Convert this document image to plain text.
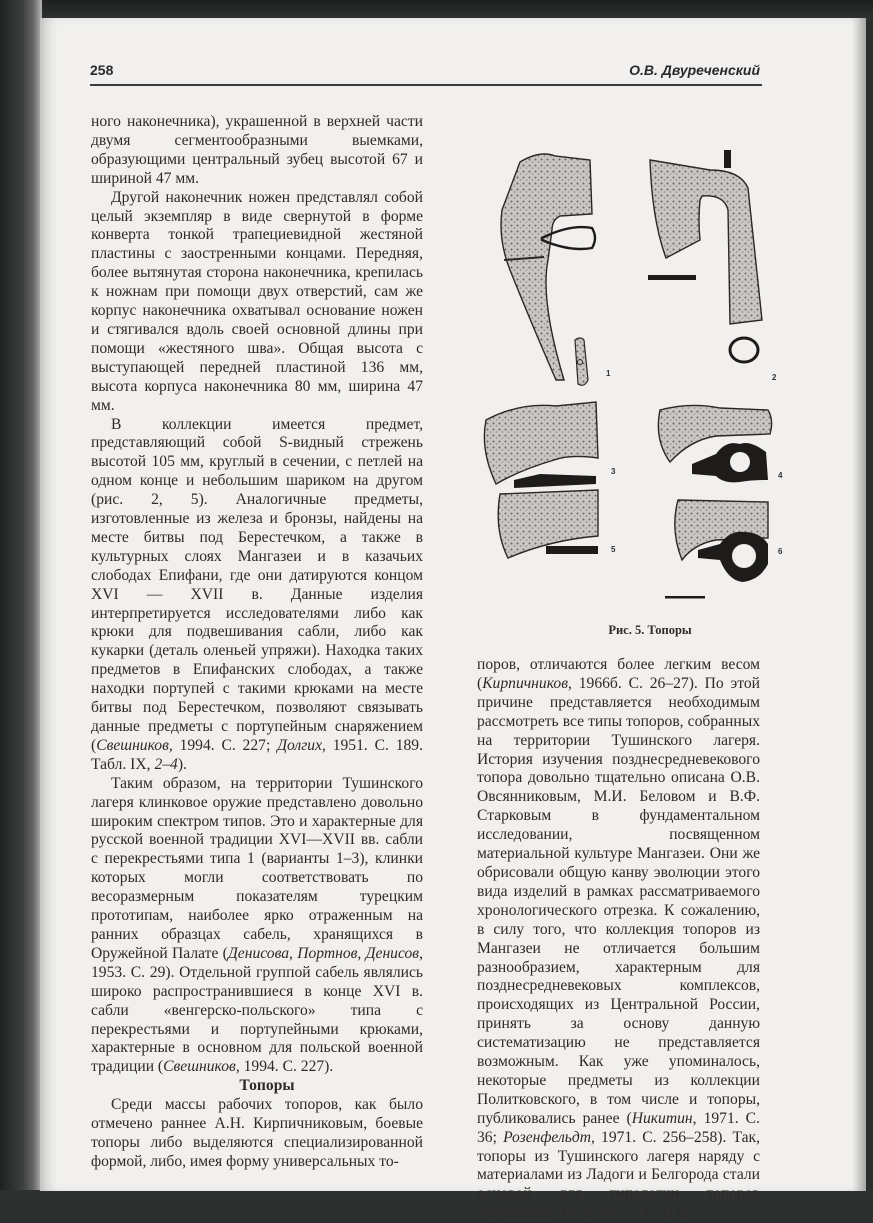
258	О.В. Двуреченский

ного наконечника), украшенной в верхней части двумя сегментообразными выемками, образующими центральный зубец высотой 67 и шириной 47 мм.

Другой наконечник ножен представлял собой целый экземпляр в виде свернутой в форме конверта тонкой трапециевидной жестяной пластины с заостренными концами. Передняя, более вытянутая сторона наконечника, крепилась к ножнам при помощи двух отверстий, сам же корпус наконечника охватывал основание ножен и стягивался вдоль своей основной длины при помощи «жестяного шва». Общая высота с выступающей передней пластиной 136 мм, высота корпуса наконечника 80 мм, ширина 47 мм.

В коллекции имеется предмет, представляющий собой S-видный стрежень высотой 105 мм, круглый в сечении, с петлей на одном конце и небольшим шариком на другом (рис. 2, 5). Аналогичные предметы, изготовленные из железа и бронзы, найдены на месте битвы под Берестечком, а также в культурных слоях Мангазеи и в казачьих слободах Епифани, где они датируются концом XVI — XVII в. Данные изделия интерпретируется исследователями либо как крюки для подвешивания сабли, либо как кукарки (деталь оленьей упряжи). Находка таких предметов в Епифанских слободах, а также находки портупей с такими крюками на месте битвы под Берестечком, позволяют связывать данные предметы с портупейным снаряжением (Свешников, 1994. С. 227; Долгих, 1951. С. 189. Табл. IX, 2–4).

Таким образом, на территории Тушинского лагеря клинковое оружие представлено довольно широким спектром типов. Это и характерные для русской военной традиции XVI—XVII вв. сабли с перекрестьями типа 1 (варианты 1–3), клинки которых могли соответствовать по весоразмерным показателям турецким прототипам, наиболее ярко отраженным на ранних образцах сабель, хранящихся в Оружейной Палате (Денисова, Портнов, Денисов, 1953. С. 29). Отдельной группой сабель являлись широко распространившиеся в конце XVI в. сабли «венгерско-польского» типа с перекрестьями и портупейными крюками, характерные в основном для польской военной традиции (Свешников, 1994. С. 227).

Топоры

Среди массы рабочих топоров, как было отмечено раннее А.Н. Кирпичниковым, боевые топоры либо выделяются специализированной формой, либо, имея форму универсальных то-

1	2
3	4
5	6
Рис. 5. Топоры

поров, отличаются более легким весом (Кирпичников, 1966б. С. 26–27). По этой причине представляется необходимым рассмотреть все типы топоров, собранных на территории Тушинского лагеря. История изучения позднесредневекового топора довольно тщательно описана О.В. Овсянниковым, М.И. Беловом и В.Ф. Старковым в фундаментальном исследовании, посвященном материальной культуре Мангазеи. Они же обрисовали общую канву эволюции этого вида изделий в рамках рассматриваемого хронологического отрезка. К сожалению, в силу того, что коллекция топоров из Мангазеи не отличается большим разнообразием, характерным для позднесредневековых комплексов, происходящих из Центральной России, принять за основу данную систематизацию не представляется возможным. Как уже упоминалось, некоторые предметы из коллекции Политковского, в том числе и топоры, публиковались ранее (Никитин, 1971. С. 36; Розенфельдт, 1971. С. 256–258). Так, топоры из Тушинского лагеря наряду с материалами из Ладоги и Белгорода стали основой для типологии топоров Московской Руси XVI—XVII вв.
